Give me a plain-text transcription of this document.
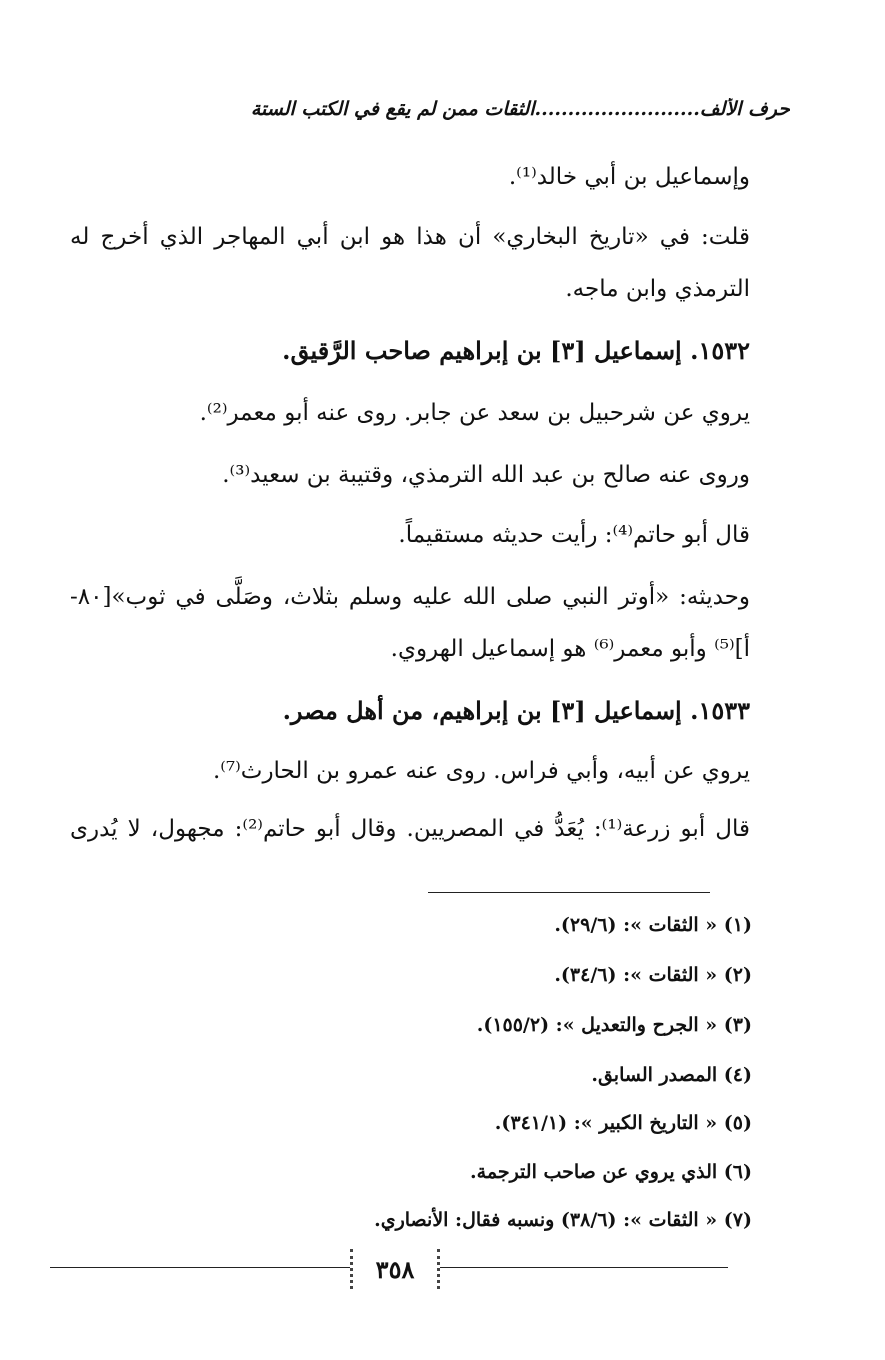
حرف الألف.........................الثقات ممن لم يقع في الكتب الستة
وإسماعيل بن أبي خالد⁽¹⁾.
قلت: في «تاريخ البخاري» أن هذا هو ابن أبي المهاجر الذي أخرج له
الترمذي وابن ماجه.
١٥٣٢. إسماعيل [٣] بن إبراهيم صاحب الرَّقيق.
يروي عن شرحبيل بن سعد عن جابر. روى عنه أبو معمر⁽²⁾.
وروى عنه صالح بن عبد الله الترمذي، وقتيبة بن سعيد⁽³⁾.
قال أبو حاتم⁽⁴⁾: رأيت حديثه مستقيماً.
وحديثه: «أوتر النبي صلى الله عليه وسلم بثلاث، وصَلَّى في ثوب»[٨٠-
أ]⁽⁵⁾ وأبو معمر⁽⁶⁾ هو إسماعيل الهروي.
١٥٣٣. إسماعيل [٣] بن إبراهيم، من أهل مصر.
يروي عن أبيه، وأبي فراس. روى عنه عمرو بن الحارث⁽⁷⁾.
قال أبو زرعة⁽¹⁾: يُعَدُّ في المصريين. وقال أبو حاتم⁽²⁾: مجهول، لا يُدرى
(١) « الثقات »: (٢٩/٦).
(٢) « الثقات »: (٣٤/٦).
(٣) « الجرح والتعديل »: (١٥٥/٢).
(٤) المصدر السابق.
(٥) « التاريخ الكبير »: (٣٤١/١).
(٦) الذي يروي عن صاحب الترجمة.
(٧) « الثقات »: (٣٨/٦) ونسبه فقال: الأنصاري.
٣٥٨
